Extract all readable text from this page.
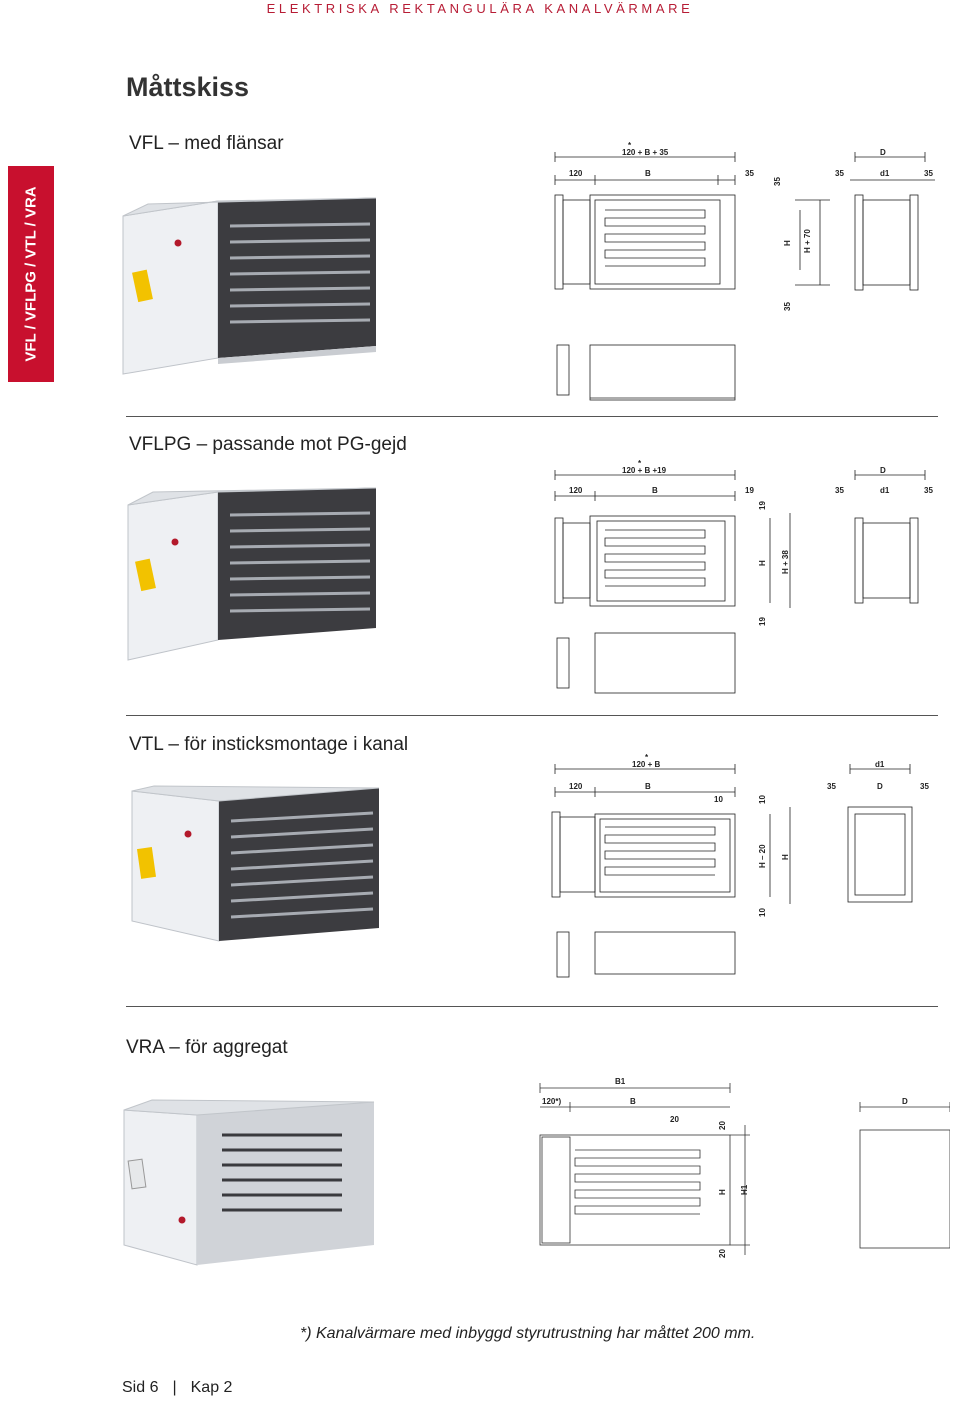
ELEKTRISKA REKTANGULÄRA KANALVÄRMARE
Måttskiss
VFL / VFLPG / VTL / VRA
VFL – med flänsar	120 + B + 35
*
D
120	B	35
35
35	d1	35
H H + 70
35
VFLPG – passande mot PG-gejd
120 + B +19
*
D
120	B	19
19
35	d1	35
H H + 38
19
VTL – för insticksmontage i kanal
120 + B
*
d1
120	B
10	10
35	D	35
H – 20 H
10
VRA – för aggregat
B1
120*)	B
20
20
H H1
20
D
*) Kanalvärmare med inbyggd styrutrustning har måttet 200 mm.
Sid 6 | Kap 2
